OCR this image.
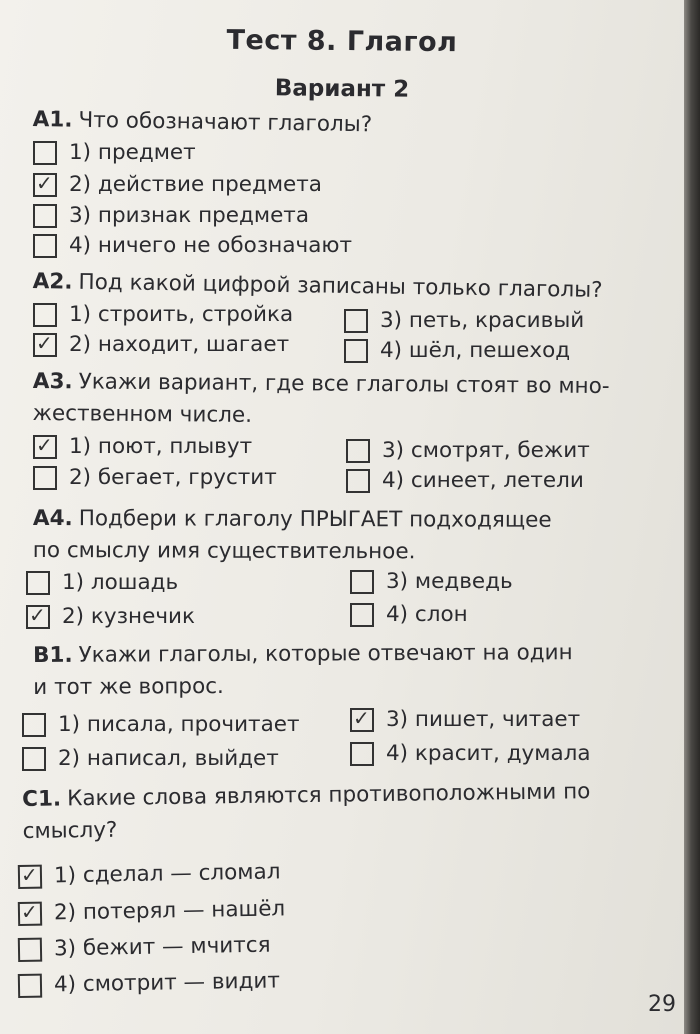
Тест 8. Глагол
Вариант 2
А1. Что обозначают глаголы?
1) предмет
✓ 2) действие предмета
3) признак предмета
4) ничего не обозначают
А2. Под какой цифрой записаны только глаголы?
1) строить, стройка	3) петь, красивый
✓ 2) находит, шагает	4) шёл, пешеход
А3. Укажи вариант, где все глаголы стоят во мно-
жественном числе.
✓ 1) поют, плывут	3) смотрят, бежит
2) бегает, грустит	4) синеет, летели
А4. Подбери к глаголу ПРЫГАЕТ подходящее
по смыслу имя существительное.
1) лошадь	3) медведь
✓ 2) кузнечик	4) слон
В1. Укажи глаголы, которые отвечают на один
и тот же вопрос.
1) писала, прочитает	✓ 3) пишет, читает
2) написал, выйдет	4) красит, думала
С1. Какие слова являются противоположными по
смыслу?
✓ 1) сделал — сломал
✓ 2) потерял — нашёл
3) бежит — мчится
4) смотрит — видит
29
